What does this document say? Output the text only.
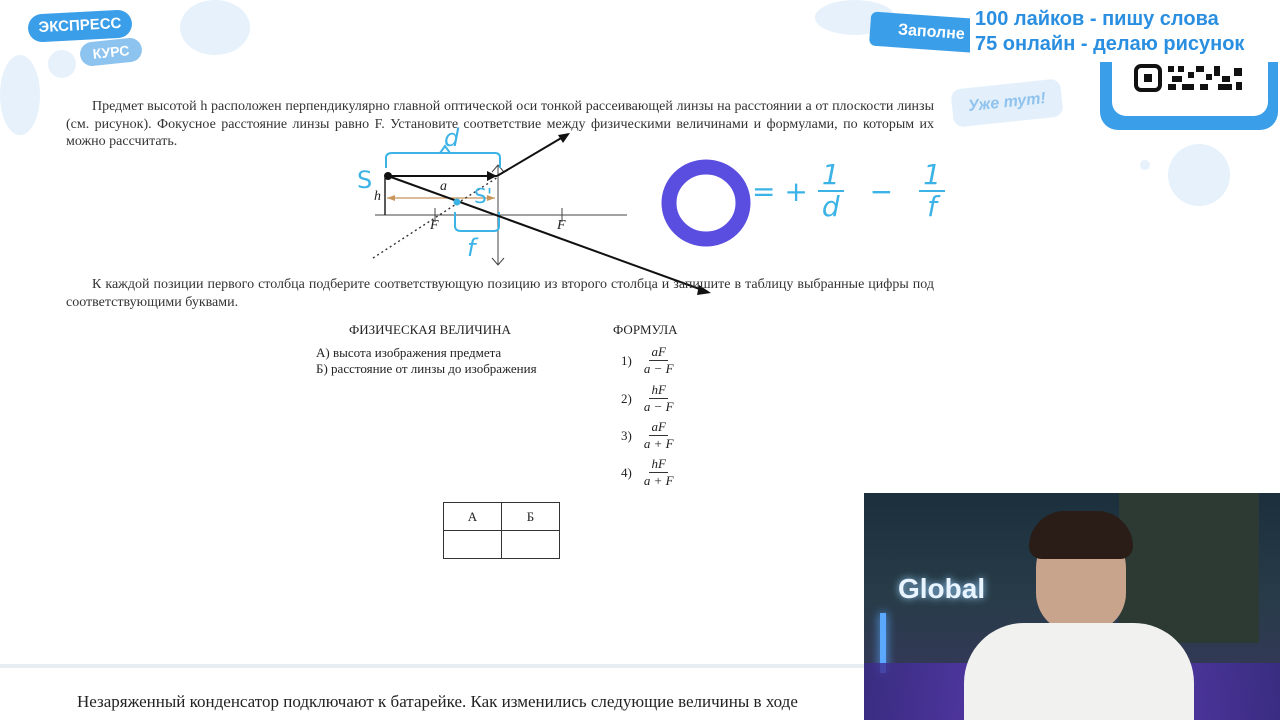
ЭКСПРЕСС
КУРС
Заполне
Уже тут!
100 лайков - пишу слова
75 онлайн - делаю рисунок
Предмет высотой h расположен перпендикулярно главной оптической оси тонкой рассеивающей линзы на расстоянии a от плоскости линзы (см. рисунок). Фокусное расстояние линзы равно F. Установите соответствие между физическими величинами и формулами, по которым их можно рассчитать.
h
a
F	F
S
d
S'
f
= + $\frac{1}{d} - \frac{1}{f}$
К каждой позиции первого столбца подберите соответствующую позицию из второго столбца и запишите в таблицу выбранные цифры под соответствующими буквами.
ФИЗИЧЕСКАЯ ВЕЛИЧИНА	ФОРМУЛА
А) высота изображения предмета
Б) расстояние от линзы до изображения
$1) \frac{aF}{a - F}$
$2) \frac{hF}{a - F}$
$3) \frac{aF}{a + F}$
$4) \frac{hF}{a + F}$
А	Б

Незаряженный конденсатор подключают к батарейке. Как изменились следующие величины в ходе
Global
